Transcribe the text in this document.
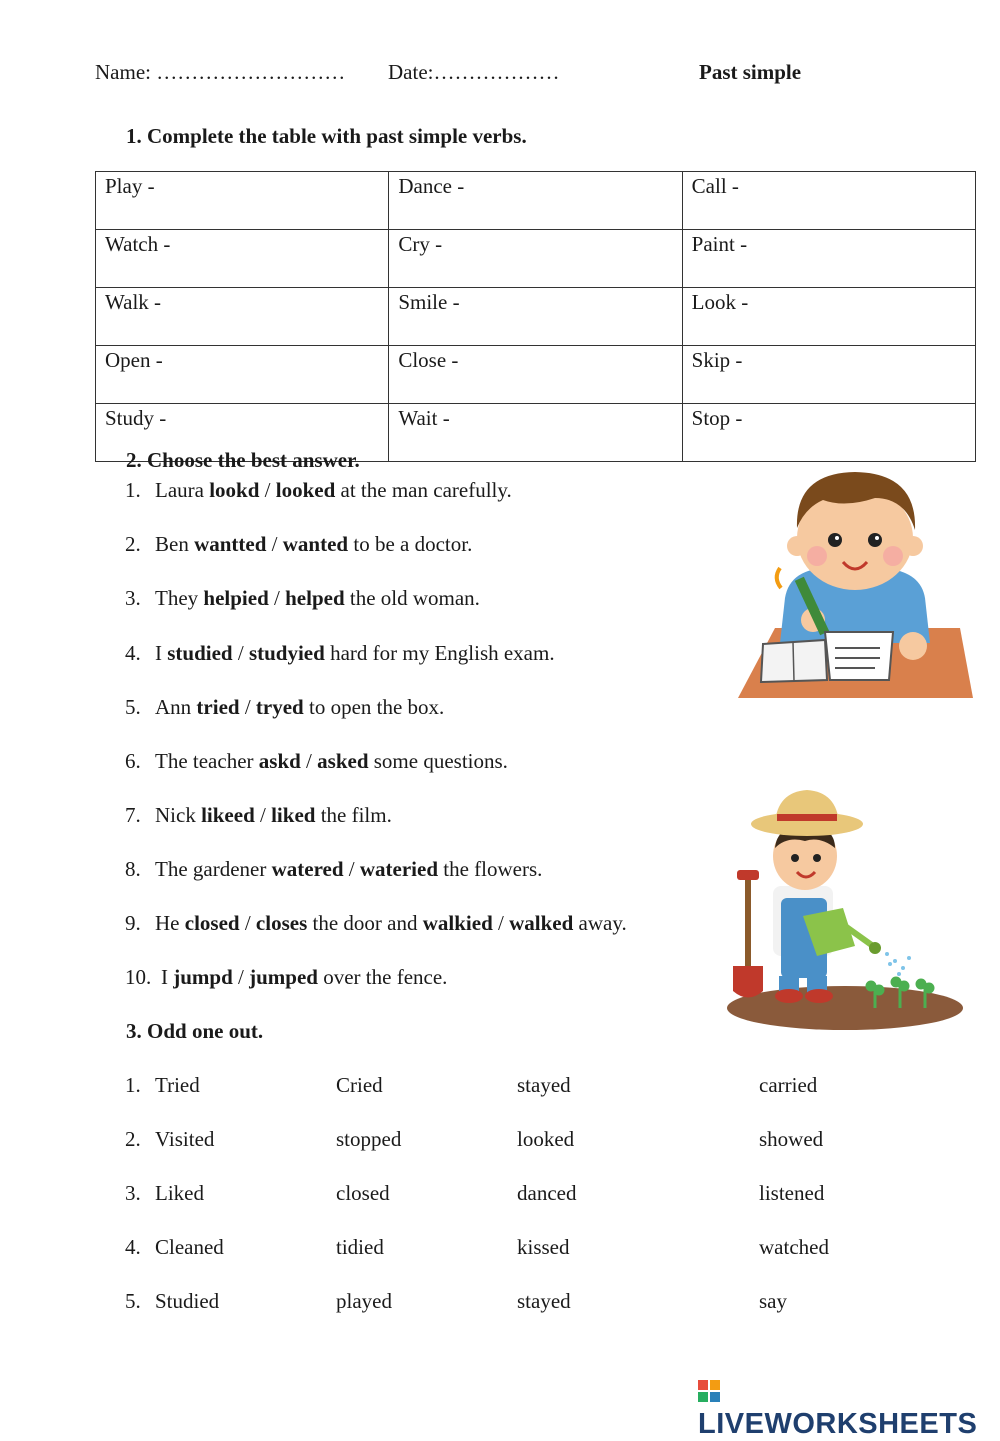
Name: ……………………… Date:………………	Past simple
1. Complete the table with past simple verbs.
Play -	Dance -	Call -
Watch -	Cry -	Paint -
Walk -	Smile -	Look -
Open -	Close -	Skip -
Study -	Wait -	Stop -
2. Choose the best answer.
1. Laura lookd / looked at the man carefully.
2. Ben wantted / wanted to be a doctor.
3. They helpied / helped the old woman.
4. I studied / studyied hard for my English exam.
5. Ann tried / tryed to open the box.
6. The teacher askd / asked some questions.
7. Nick likeed / liked the film.
8. The gardener watered / wateried the flowers.
9. He closed / closes the door and walkied / walked away.
10. I jumpd / jumped over the fence.
3. Odd one out.
1. Tried	Cried	stayed	carried
2. Visited	stopped	looked	showed
3. Liked	closed	danced	listened
4. Cleaned	tidied	kissed	watched
5. Studied	played	stayed	say
LIVEWORKSHEETS
